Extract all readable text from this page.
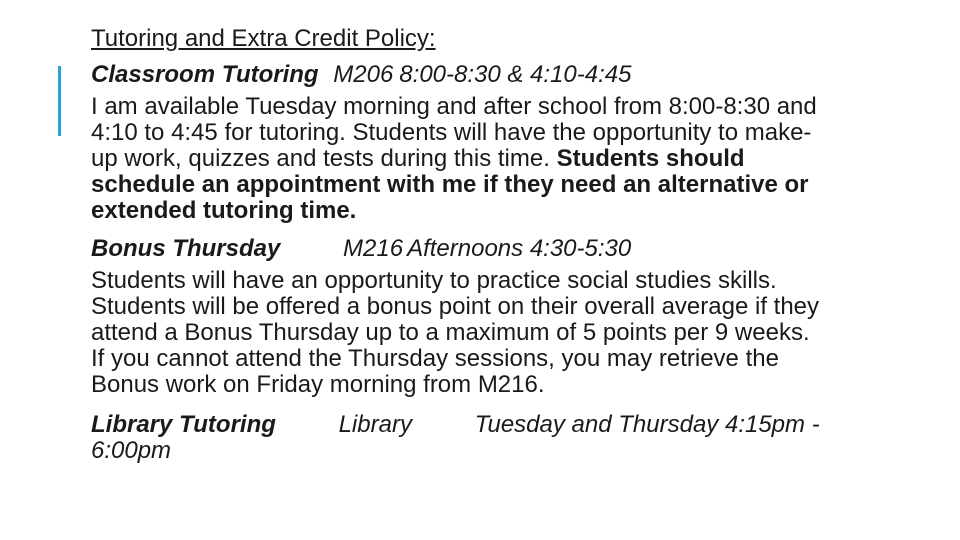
Tutoring and Extra Credit Policy:
Classroom Tutoring M206 8:00-8:30 & 4:10-4:45
I am available Tuesday morning and after school from 8:00-8:30 and
4:10 to 4:45 for tutoring. Students will have the opportunity to make-
up work, quizzes and tests during this time. Students should
schedule an appointment with me if they need an alternative or
extended tutoring time.
Bonus Thursday	M216 Afternoons 4:30-5:30
Students will have an opportunity to practice social studies skills.
Students will be offered a bonus point on their overall average if they
attend a Bonus Thursday up to a maximum of 5 points per 9 weeks.
If you cannot attend the Thursday sessions, you may retrieve the
Bonus work on Friday morning from M216.
Library Tutoring	Library	Tuesday and Thursday 4:15pm -
6:00pm
